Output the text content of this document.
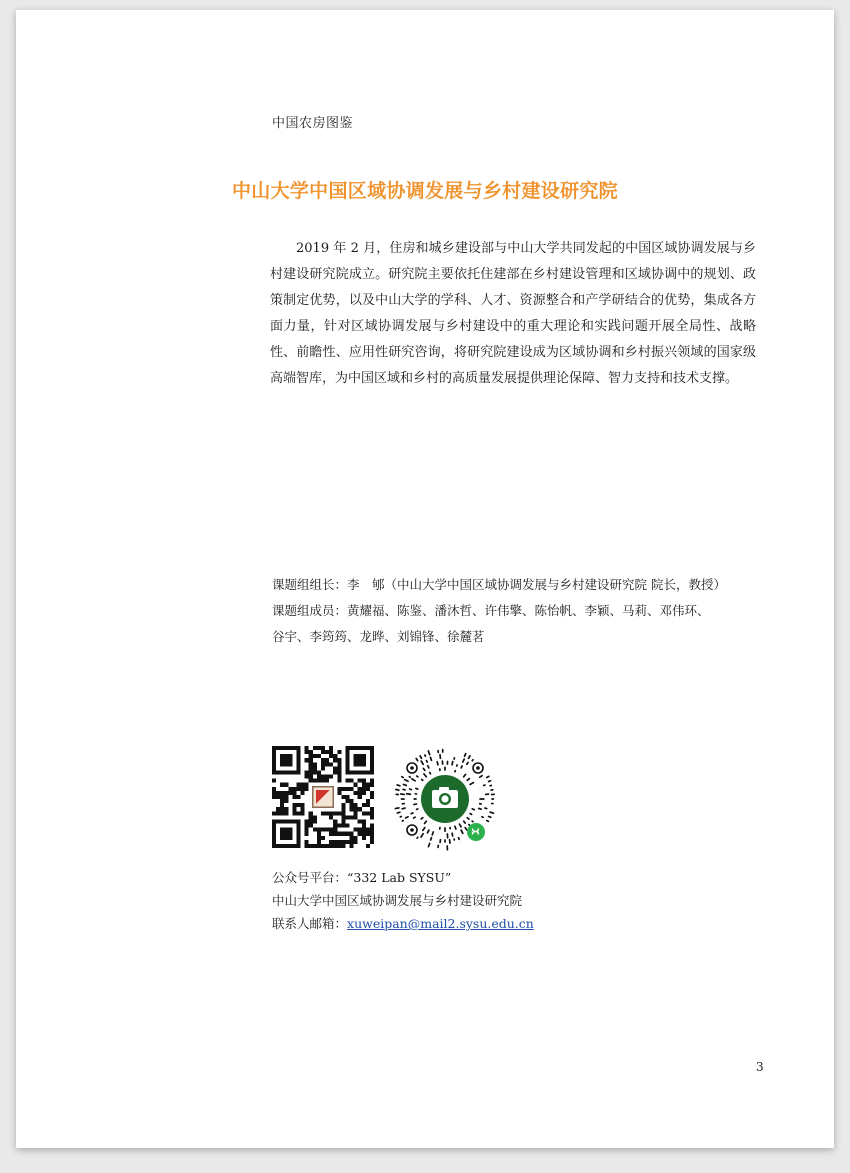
中国农房图鉴
中山大学中国区域协调发展与乡村建设研究院

2019 年 2 月，住房和城乡建设部与中山大学共同发起的中国区域协调发展与乡村建设研究院成立。研究院主要依托住建部在乡村建设管理和区域协调中的规划、政策制定优势，以及中山大学的学科、人才、资源整合和产学研结合的优势，集成各方面力量，针对区域协调发展与乡村建设中的重大理论和实践问题开展全局性、战略性、前瞻性、应用性研究咨询，将研究院建设成为区域协调和乡村振兴领域的国家级高端智库，为中国区域和乡村的高质量发展提供理论保障、智力支持和技术支撑。

课题组组长：李　郇（中山大学中国区域协调发展与乡村建设研究院 院长，教授）
课题组成员：黄耀福、陈鉴、潘沐哲、许伟擎、陈怡帆、李颖、马莉、邓伟环、
谷宇、李筠筠、龙晔、刘锦锋、徐麓茗
公众号平台：“332 Lab SYSU”
中山大学中国区域协调发展与乡村建设研究院
联系人邮箱：xuweipan@mail2.sysu.edu.cn
3
